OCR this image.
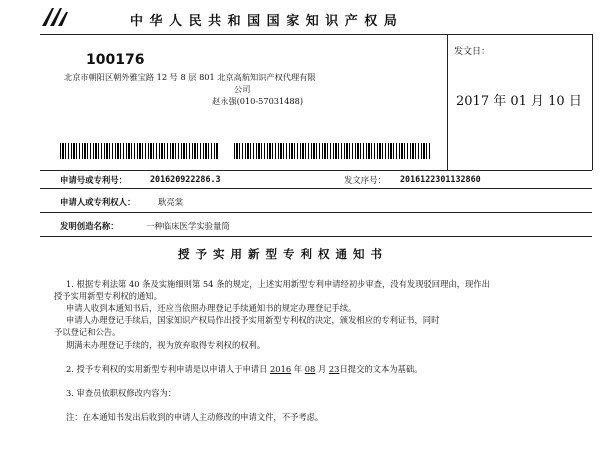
中 华 人 民 共 和 国 国 家 知 识 产 权 局
100176
北京市朝阳区朝外雅宝路 12 号 8 层 801 北京高航知识产权代理有限
公司
赵永强(010-57031488)
发文日：
2017 年 01 月 10 日
申请号或专利号：	201620922286.3	发文序号： 2016122301132860
申请人或专利权人：	耿亮棠
发明创造名称：	一种临床医学实验量筒
授 予 实 用 新 型 专 利 权 通 知 书
1. 根据专利法第 40 条及实施细则第 54 条的规定，上述实用新型专利申请经初步审查，没有发现驳回理由，现作出
授予实用新型专利权的通知。
申请人收到本通知书后，还应当依照办理登记手续通知书的规定办理登记手续。
申请人办理登记手续后，国家知识产权局作出授予实用新型专利权的决定，颁发相应的专利证书，同时
予以登记和公告。
期满未办理登记手续的，视为放弃取得专利权的权利。
2. 授予专利权的实用新型专利申请是以申请人于申请日 2016 年 08 月 23日提交的文本为基础。
3. 审查员依职权修改内容为：
注：在本通知书发出后收到的申请人主动修改的申请文件，不予考虑。
